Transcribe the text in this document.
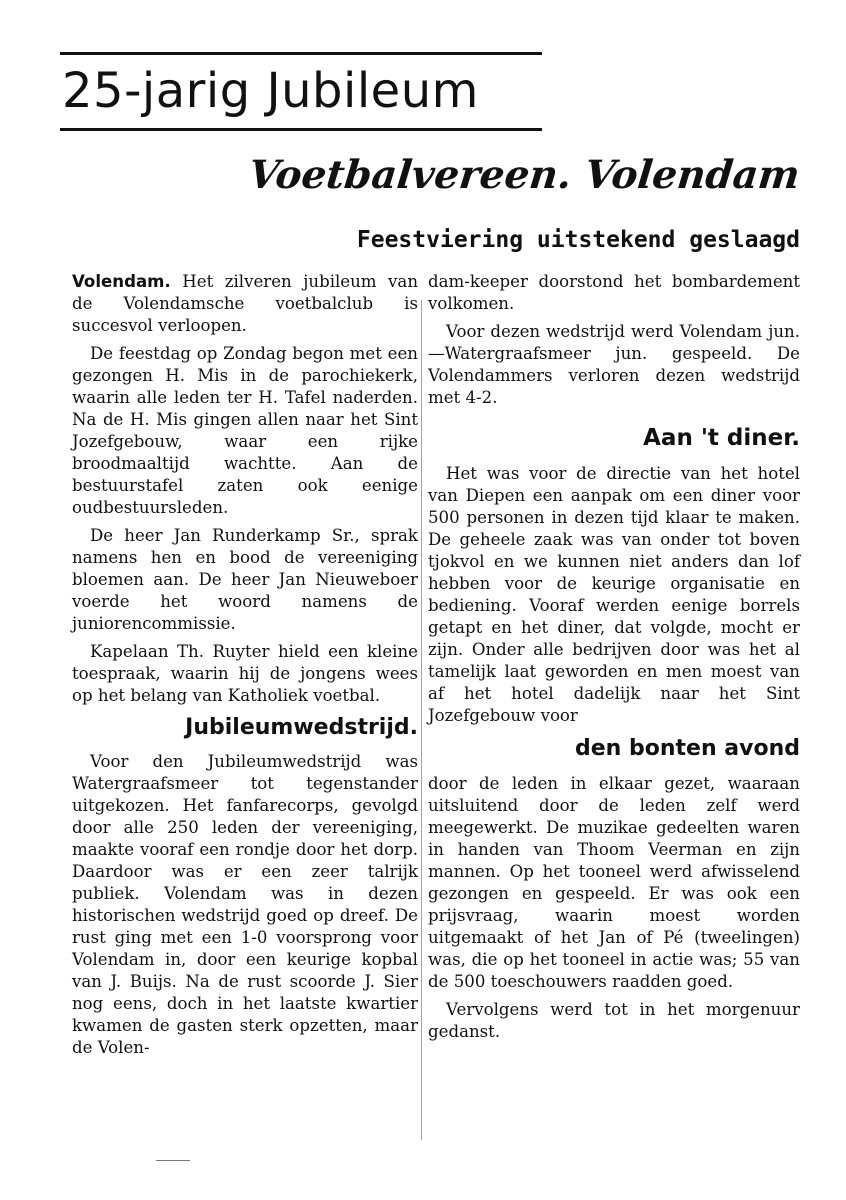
25-jarig Jubileum
Voetbalvereen. Volendam
Feestviering uitstekend geslaagd

Volendam. Het zilveren jubileum van de Volendamsche voetbalclub is succesvol verloopen.

De feestdag op Zondag begon met een gezongen H. Mis in de parochiekerk, waarin alle leden ter H. Tafel naderden. Na de H. Mis gingen allen naar het Sint Jozefgebouw, waar een rijke broodmaaltijd wachtte. Aan de bestuurstafel zaten ook eenige oudbestuursleden.

De heer Jan Runderkamp Sr., sprak namens hen en bood de vereeniging bloemen aan. De heer Jan Nieuweboer voerde het woord namens de juniorencommissie.

Kapelaan Th. Ruyter hield een kleine toespraak, waarin hij de jongens wees op het belang van Katholiek voetbal.

Jubileumwedstrijd.

Voor den Jubileumwedstrijd was Watergraafsmeer tot tegenstander uitgekozen. Het fanfarecorps, gevolgd door alle 250 leden der vereeniging, maakte vooraf een rondje door het dorp. Daardoor was er een zeer talrijk publiek. Volendam was in dezen historischen wedstrijd goed op dreef. De rust ging met een 1-0 voorsprong voor Volendam in, door een keurige kopbal van J. Buijs. Na de rust scoorde J. Sier nog eens, doch in het laatste kwartier kwamen de gasten sterk opzetten, maar de Volen-

dam-keeper doorstond het bombardement volkomen.

Voor dezen wedstrijd werd Volendam jun.—Watergraafsmeer jun. gespeeld. De Volendammers verloren dezen wedstrijd met 4-2.

Aan 't diner.

Het was voor de directie van het hotel van Diepen een aanpak om een diner voor 500 personen in dezen tijd klaar te maken. De geheele zaak was van onder tot boven tjokvol en we kunnen niet anders dan lof hebben voor de keurige organisatie en bediening. Vooraf werden eenige borrels getapt en het diner, dat volgde, mocht er zijn. Onder alle bedrijven door was het al tamelijk laat geworden en men moest van af het hotel dadelijk naar het Sint Jozefgebouw voor

den bonten avond

door de leden in elkaar gezet, waaraan uitsluitend door de leden zelf werd meegewerkt. De muzikae gedeelten waren in handen van Thoom Veerman en zijn mannen. Op het tooneel werd afwisselend gezongen en gespeeld. Er was ook een prijsvraag, waarin moest worden uitgemaakt of het Jan of Pé (tweelingen) was, die op het tooneel in actie was; 55 van de 500 toeschouwers raadden goed.

Vervolgens werd tot in het morgenuur gedanst.
